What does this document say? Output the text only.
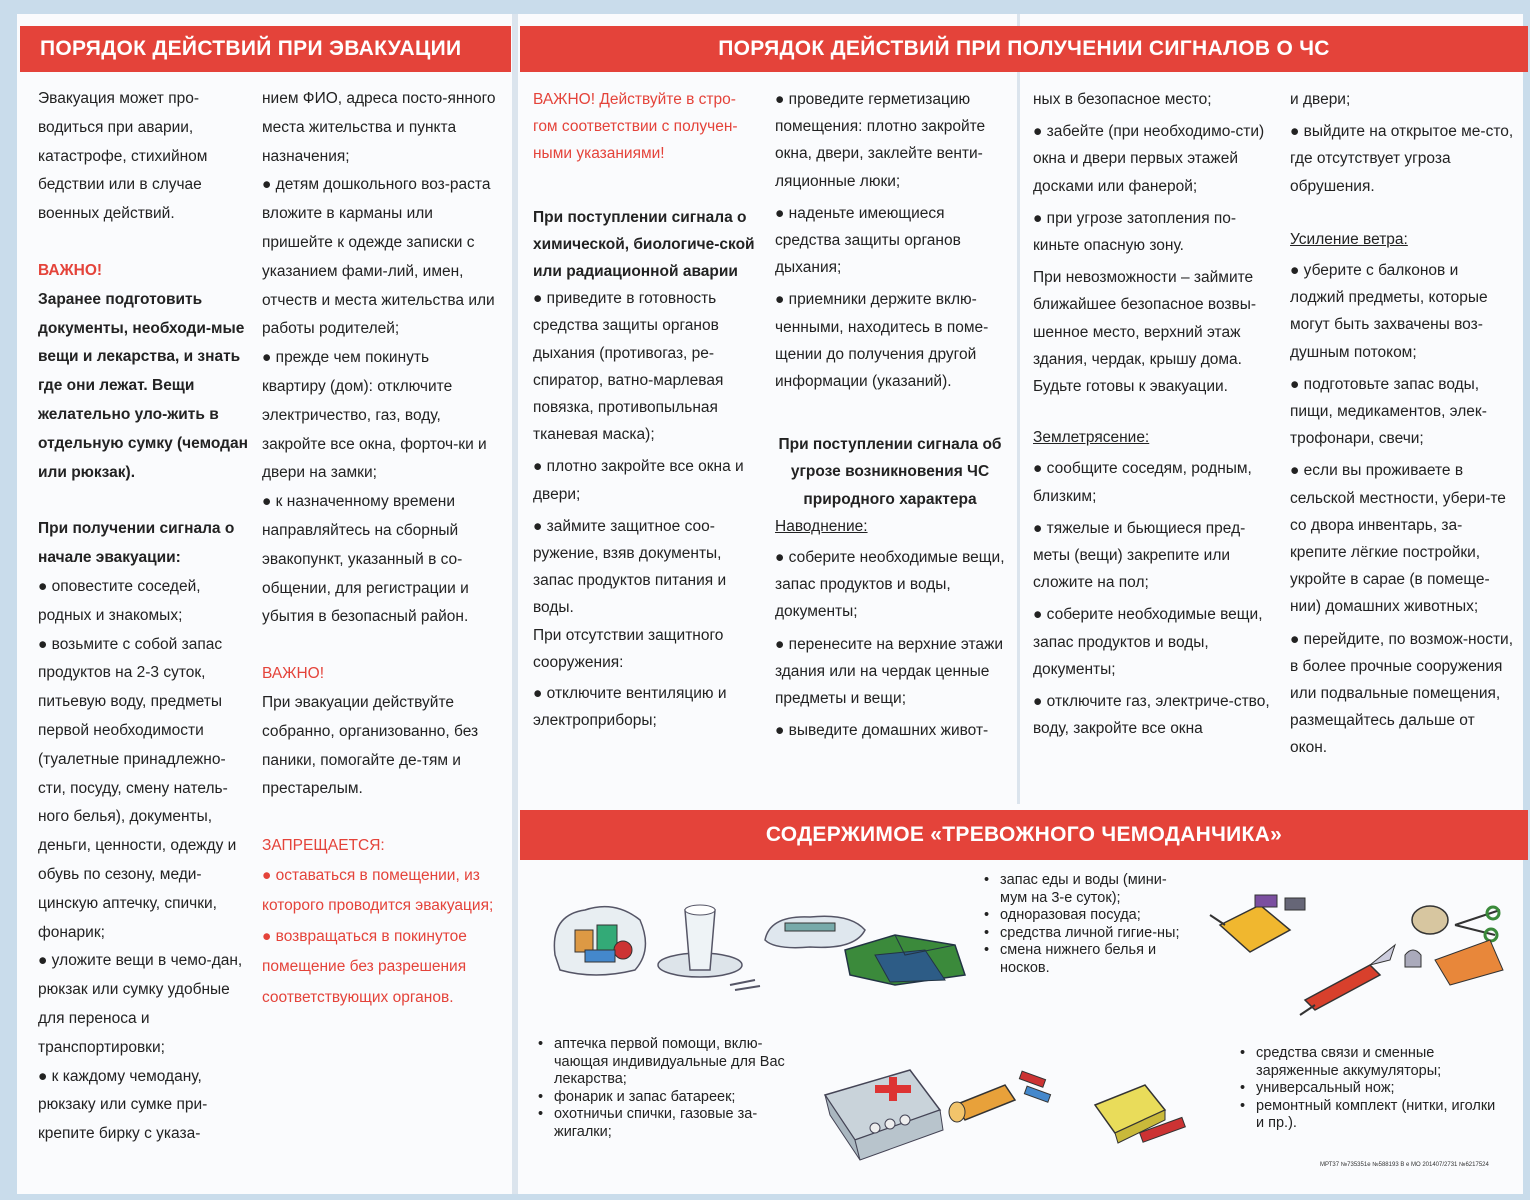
ПОРЯДОК ДЕЙСТВИЙ ПРИ ЭВАКУАЦИИ	ПОРЯДОК ДЕЙСТВИЙ ПРИ ПОЛУЧЕНИИ СИГНАЛОВ О ЧС

Эвакуация может про-водиться при аварии, катастрофе, стихийном бедствии или в случае военных действий.

ВАЖНО!

Заранее подготовить документы, необходи-мые вещи и лекарства, и знать где они лежат. Вещи желательно уло-жить в отдельную сумку (чемодан или рюкзак).

При получении сигнала о начале эвакуации:

● оповестите соседей, родных и знакомых;
● возьмите с собой запас продуктов на 2-3 суток, питьевую воду, предметы первой необходимости (туалетные принадлежно-сти, посуду, смену натель-ного белья), документы, деньги, ценности, одежду и обувь по сезону, меди-цинскую аптечку, спички, фонарик;
● уложите вещи в чемо-дан, рюкзак или сумку удобные для переноса и транспортировки;
● к каждому чемодану, рюкзаку или сумке при-крепите бирку с указа-

нием ФИО, адреса посто-янного места жительства и пункта назначения;

● детям дошкольного воз-раста вложите в карманы или пришейте к одежде записки с указанием фами-лий, имен, отчеств и места жительства или работы родителей;
● прежде чем покинуть квартиру (дом): отключите электричество, газ, воду, закройте все окна, форточ-ки и двери на замки;
● к назначенному времени направляйтесь на сборный эвакопункт, указанный в со-общении, для регистрации и убытия в безопасный район.

ВАЖНО!

При эвакуации действуйте собранно, организованно, без паники, помогайте де-тям и престарелым.

ЗАПРЕЩАЕТСЯ:

● оставаться в помещении, из которого проводится эвакуация;
● возвращаться в покинутое помещение без разрешения соответствующих органов.

ВАЖНО! Действуйте в стро-гом соответствии с получен-ными указаниями!

При поступлении сигнала о химической, биологиче-ской или радиационной аварии

● приведите в готовность средства защиты органов дыхания (противогаз, ре-спиратор, ватно-марлевая повязка, противопыльная тканевая маска);
● плотно закройте все окна и двери;
● займите защитное соо-ружение, взяв документы, запас продуктов питания и воды.

При отсутствии защитного сооружения:

● отключите вентиляцию и электроприборы;
● проведите герметизацию помещения: плотно закройте окна, двери, заклейте венти-ляционные люки;
● наденьте имеющиеся средства защиты органов дыхания;
● приемники держите вклю-ченными, находитесь в поме-щении до получения другой информации (указаний).

При поступлении сигнала об угрозе возникновения ЧС природного характера

Наводнение:

● соберите необходимые вещи, запас продуктов и воды, документы;
● перенесите на верхние этажи здания или на чердак ценные предметы и вещи;
● выведите домашних живот-

ных в безопасное место;

● забейте (при необходимо-сти) окна и двери первых этажей досками или фанерой;
● при угрозе затопления по-киньте опасную зону.

При невозможности – займите ближайшее безопасное возвы-шенное место, верхний этаж здания, чердак, крышу дома. Будьте готовы к эвакуации.

Землетрясение:

● сообщите соседям, родным, близким;
● тяжелые и бьющиеся пред-меты (вещи) закрепите или сложите на пол;
● соберите необходимые вещи, запас продуктов и воды, документы;
● отключите газ, электриче-ство, воду, закройте все окна

и двери;

● выйдите на открытое ме-сто, где отсутствует угроза обрушения.

Усиление ветра:

● уберите с балконов и лоджий предметы, которые могут быть захвачены воз-душным потоком;
● подготовьте запас воды, пищи, медикаментов, элек-трофонари, свечи;
● если вы проживаете в сельской местности, убери-те со двора инвентарь, за-крепите лёгкие постройки, укройте в сарае (в помеще-нии) домашних животных;
● перейдите, по возмож-ности, в более прочные сооружения или подвальные помещения, размещайтесь дальше от окон.
СОДЕРЖИМОЕ «ТРЕВОЖНОГО ЧЕМОДАНЧИКА»
• запас еды и воды (мини-мум на 3-е суток);
• одноразовая посуда;
• средства личной гигие-ны;
• смена нижнего белья и носков.
• аптечка первой помощи, вклю-чающая индивидуальные для Вас лекарства;
• фонарик и запас батареек;
• охотничьи спички, газовые за-жигалки;
• средства связи и сменные заряженные аккумуляторы;
• универсальный нож;
• ремонтный комплект (нитки, иголки и пр.).
МРТ37 №735351е №588193 В е МО 201407/2731 №6217524
